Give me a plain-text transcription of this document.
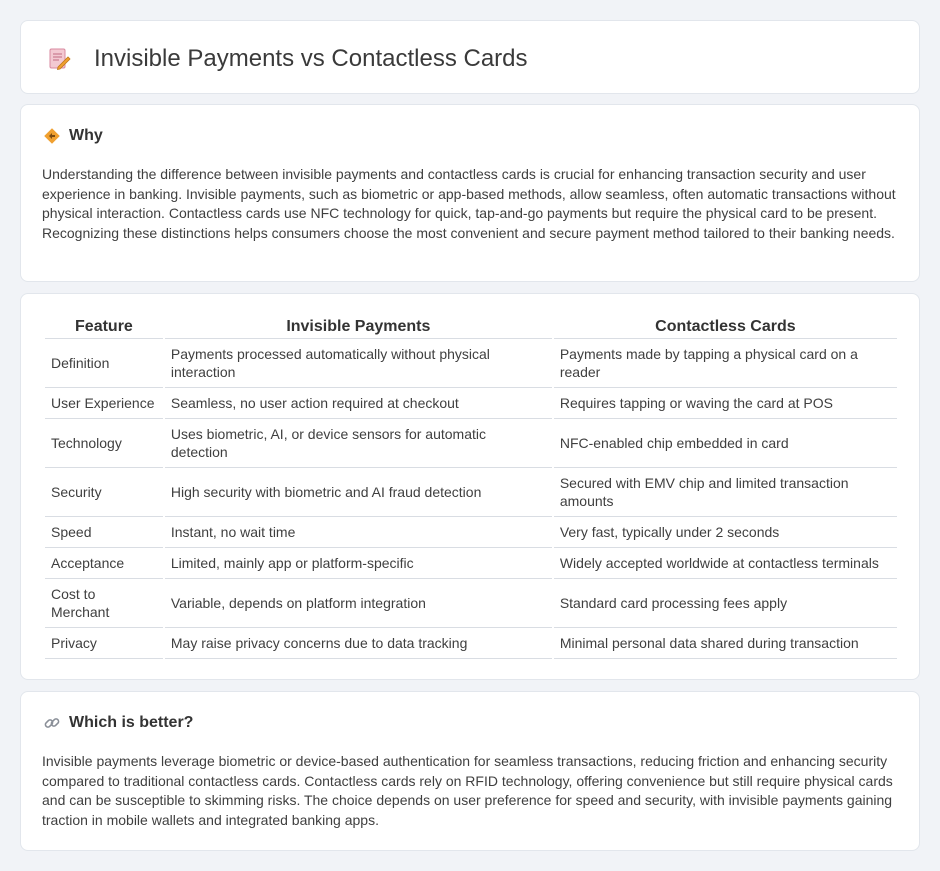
Invisible Payments vs Contactless Cards
Why

Understanding the difference between invisible payments and contactless cards is crucial for enhancing transaction security and user experience in banking. Invisible payments, such as biometric or app-based methods, allow seamless, often automatic transactions without physical interaction. Contactless cards use NFC technology for quick, tap-and-go payments but require the physical card to be present. Recognizing these distinctions helps consumers choose the most convenient and secure payment method tailored to their banking needs.

Feature	Invisible Payments	Contactless Cards
Definition	Payments processed automatically without physical interaction	Payments made by tapping a physical card on a reader
User Experience	Seamless, no user action required at checkout	Requires tapping or waving the card at POS
Technology	Uses biometric, AI, or device sensors for automatic detection	NFC-enabled chip embedded in card
Security	High security with biometric and AI fraud detection	Secured with EMV chip and limited transaction amounts
Speed	Instant, no wait time	Very fast, typically under 2 seconds
Acceptance	Limited, mainly app or platform-specific	Widely accepted worldwide at contactless terminals
Cost to Merchant	Variable, depends on platform integration	Standard card processing fees apply
Privacy	May raise privacy concerns due to data tracking	Minimal personal data shared during transaction
Which is better?

Invisible payments leverage biometric or device-based authentication for seamless transactions, reducing friction and enhancing security compared to traditional contactless cards. Contactless cards rely on RFID technology, offering convenience but still require physical cards and can be susceptible to skimming risks. The choice depends on user preference for speed and security, with invisible payments gaining traction in mobile wallets and integrated banking apps.
